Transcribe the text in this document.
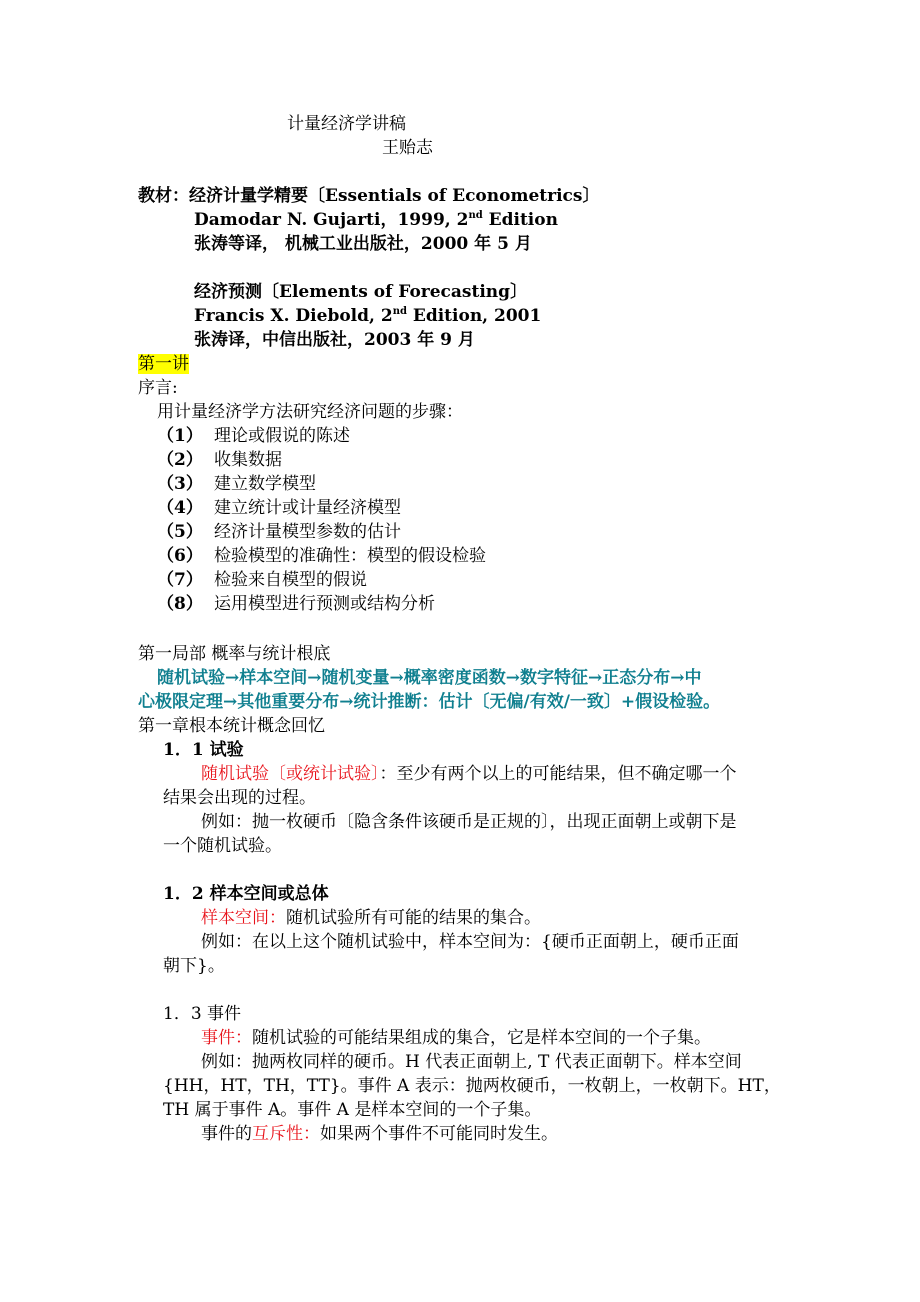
计量经济学讲稿
王贻志
教材：经济计量学精要〔Essentials of Econometrics〕
Damodar N. Gujarti，1999, 2nd Edition
张涛等译， 机械工业出版社，2000 年 5 月
经济预测〔Elements of Forecasting〕
Francis X. Diebold, 2nd Edition, 2001
张涛译，中信出版社，2003 年 9 月
第一讲
序言:
用计量经济学方法研究经济问题的步骤：
（1） 理论或假说的陈述
（2） 收集数据
（3） 建立数学模型
（4） 建立统计或计量经济模型
（5） 经济计量模型参数的估计
（6） 检验模型的准确性：模型的假设检验
（7） 检验来自模型的假说
（8） 运用模型进行预测或结构分析
第一局部 概率与统计根底
随机试验→样本空间→随机变量→概率密度函数→数字特征→正态分布→中
心极限定理→其他重要分布→统计推断：估计〔无偏/有效/一致〕+假设检验。
第一章根本统计概念回忆
1．1 试验
随机试验〔或统计试验〕：至少有两个以上的可能结果，但不确定哪一个
结果会出现的过程。
例如：抛一枚硬币〔隐含条件该硬币是正规的〕，出现正面朝上或朝下是
一个随机试验。
1．2 样本空间或总体
样本空间：随机试验所有可能的结果的集合。
例如：在以上这个随机试验中，样本空间为：{硬币正面朝上，硬币正面
朝下}。
1．3 事件
事件：随机试验的可能结果组成的集合，它是样本空间的一个子集。
例如：抛两枚同样的硬币。H 代表正面朝上, T 代表正面朝下。样本空间
{HH，HT，TH，TT}。事件 A 表示：抛两枚硬币，一枚朝上，一枚朝下。HT，
TH 属于事件 A。事件 A 是样本空间的一个子集。
事件的互斥性：如果两个事件不可能同时发生。
